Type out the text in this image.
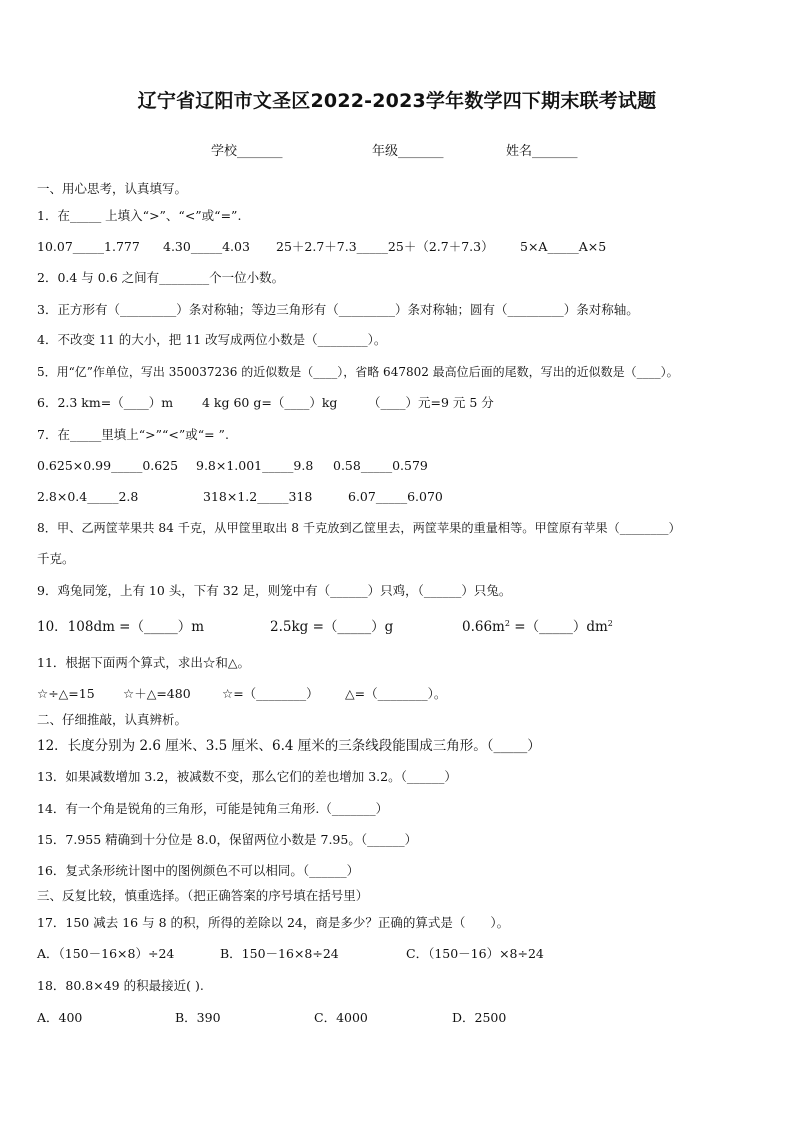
辽宁省辽阳市文圣区2022-2023学年数学四下期末联考试题
学校_______	年级_______	姓名_______
一、用心思考，认真填写。
1．在_____ 上填入“>”、“<”或“=”.
10.07_____1.777 4.30_____4.03 25＋2.7＋7.3_____25＋（2.7＋7.3） 5×A_____A×5
2．0.4 与 0.6 之间有________个一位小数。
3．正方形有（_________）条对称轴；等边三角形有（_________）条对称轴；圆有（_________）条对称轴。
4．不改变 11 的大小，把 11 改写成两位小数是（________）。
5．用“亿”作单位，写出 350037236 的近似数是（____），省略 647802 最高位后面的尾数，写出的近似数是（____）。
6．2.3 km=（____）m 4 kg 60 g=（____）kg （____）元=9 元 5 分
7．在_____里填上“>”“<”或“= ”.
0.625×0.99_____0.625 9.8×1.001_____9.8 0.58_____0.579
2.8×0.4_____2.8	318×1.2_____318	6.07_____6.070
8．甲、乙两筐苹果共 84 千克，从甲筐里取出 8 千克放到乙筐里去，两筐苹果的重量相等。甲筐原有苹果（________）
千克。
9．鸡兔同笼，上有 10 头，下有 32 足，则笼中有（______）只鸡，（______）只兔。
10．108dm =（_____）m	2.5kg =（_____）g	$0.66m^2$ $=(\_\_\_\_\_)dm^2$
11．根据下面两个算式，求出☆和△。
☆÷△=15 ☆＋△=480	☆=（________） △=（________）。
二、仔细推敲，认真辨析。
12．长度分别为 2.6 厘米、3.5 厘米、6.4 厘米的三条线段能围成三角形。（_____）
13．如果减数增加 3.2，被减数不变，那么它们的差也增加 3.2。（______）
14．有一个角是锐角的三角形，可能是钝角三角形.（_______）
15．7.955 精确到十分位是 8.0，保留两位小数是 7.95。（______）
16．复式条形统计图中的图例颜色不可以相同。（______）
三、反复比较，慎重选择。（把正确答案的序号填在括号里）
17．150 减去 16 与 8 的积，所得的差除以 24，商是多少？正确的算式是（　　）。
A．（150－16×8）÷24	B．150－16×8÷24	C．（150－16）×8÷24
18．80.8×49 的积最接近( ).
A．400	B．390	C．4000	D．2500
